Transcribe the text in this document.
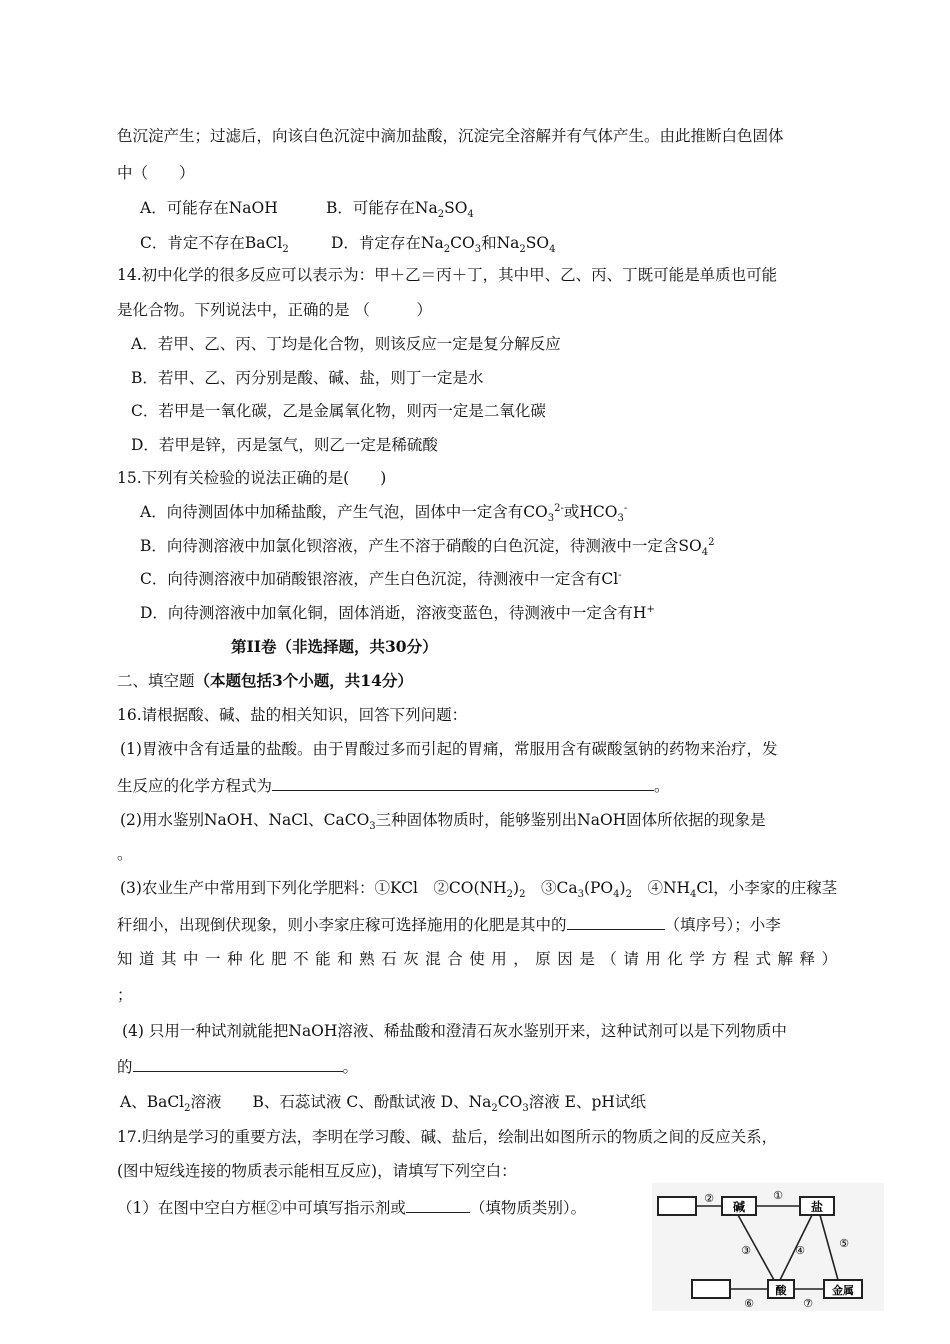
色沉淀产生；过滤后，向该白色沉淀中滴加盐酸，沉淀完全溶解并有气体产生。由此推断白色固体
中（　　）
A．可能存在NaOH	B．可能存在$Na_2SO_4$
C．肯定不存在BaCl$_2$	D．肯定存在$Na_2CO_3$和$Na_2SO_4$
14.初中化学的很多反应可以表示为：甲＋乙＝丙＋丁，其中甲、乙、丙、丁既可能是单质也可能
是化合物。下列说法中，正确的是 （　　　）
A．若甲、乙、丙、丁均是化合物，则该反应一定是复分解反应
B．若甲、乙、丙分别是酸、碱、盐，则丁一定是水
C．若甲是一氧化碳，乙是金属氧化物，则丙一定是二氧化碳
D．若甲是锌，丙是氢气，则乙一定是稀硫酸
15.下列有关检验的说法正确的是(　　)
A．向待测固体中加稀盐酸，产生气泡，固体中一定含有$CO_3^{2-}$或$HCO_3^-$
B．向待测溶液中加氯化钡溶液，产生不溶于硝酸的白色沉淀，待测液中一定含$SO_4^2$
C．向待测溶液中加硝酸银溶液，产生白色沉淀，待测液中一定含有Cl-
D．向待测溶液中加氧化铜，固体消逝，溶液变蓝色，待测液中一定含有H+
第II卷（非选择题，共30分）
二、填空题（本题包括3个小题，共14分）
16.请根据酸、碱、盐的相关知识，回答下列问题：
(1)胃液中含有适量的盐酸。由于胃酸过多而引起的胃痛，常服用含有碳酸氢钠的药物来治疗，发
生反应的化学方程式为	。
(2)用水鉴别NaOH、NaCl、CaCO$_3$三种固体物质时，能够鉴别出NaOH固体所依据的现象是
。
(3)农业生产中常用到下列化学肥料：①KCl　$②CO(NH_2)_2$　$③Ca_3(PO_4)_2$　$④NH_4Cl$，小李家的庄稼茎
秆细小，出现倒伏现象，则小李家庄稼可选择施用的化肥是其中的	（填序号）；小李
知道其中一种化肥不能和熟石灰混合使用，原因是（请用化学方程式解释）
；
(4) 只用一种试剂就能把NaOH溶液、稀盐酸和澄清石灰水鉴别开来，这种试剂可以是下列物质中
的	。
A、BaCl$_2$溶液　　B、石蕊试液 C、酚酞试液 D、$Na_2CO_3$溶液 E、pH试纸
17.归纳是学习的重要方法，李明在学习酸、碱、盐后，绘制出如图所示的物质之间的反应关系，
(图中短线连接的物质表示能相互反应)，请填写下列空白：
（1）在图中空白方框②中可填写指示剂或	（填物质类别）。	碱	盐
酸	金属
①
②
③	④
⑤
⑥	⑦
